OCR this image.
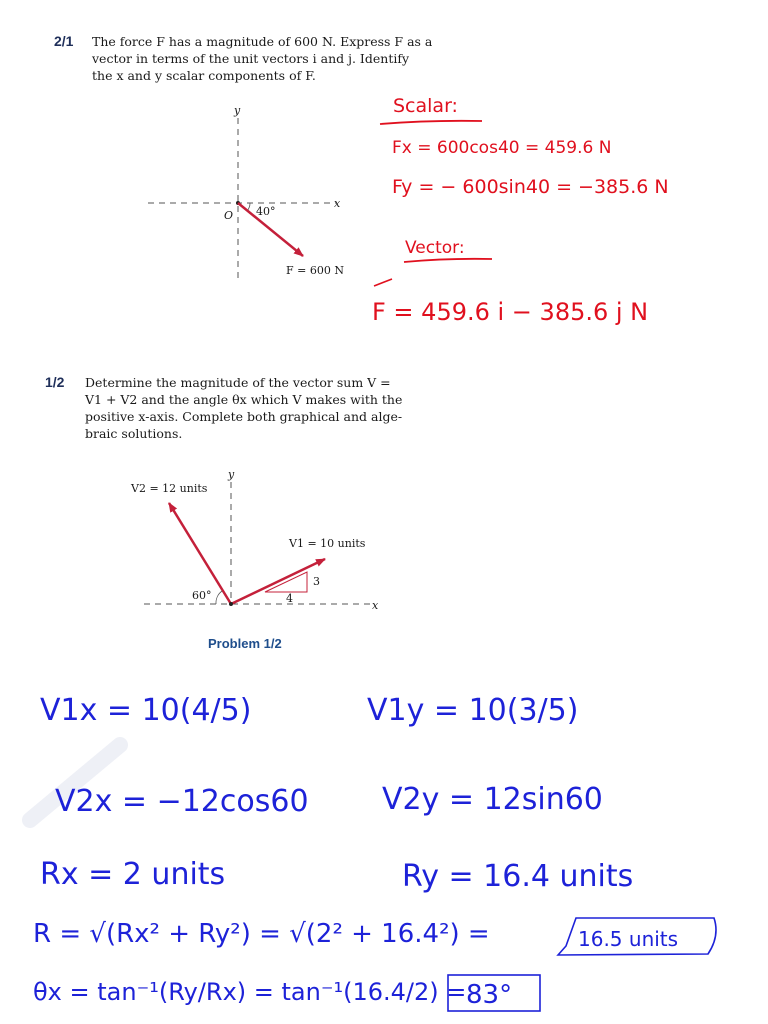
2/1 The force F has a magnitude of 600 N. Express F as a
vector in terms of the unit vectors i and j. Identify
the x and y scalar components of F.
1/2 Determine the magnitude of the vector sum V =
V1 + V2 and the angle θx which V makes with the
positive x-axis. Complete both graphical and alge-
braic solutions.
Problem 1/2
y
x
O 40°
F = 600 N
Scalar:
Fx = 600cos40 = 459.6 N
Fy = − 600sin40 = −385.6 N
Vector:
F = 459.6 i − 385.6 j N
y
x
3
4
V2 = 12 units
V1 = 10 units
60°
V1x = 10(4/5)	V1y = 10(3/5)
V2x = −12cos60 V2y = 12sin60
Rx = 2 units	Ry = 16.4 units
R = √(Rx² + Ry²) = √(2² + 16.4²) =	16.5 units
θx = tan⁻¹(Ry/Rx) = tan⁻¹(16.4/2) = 83°
